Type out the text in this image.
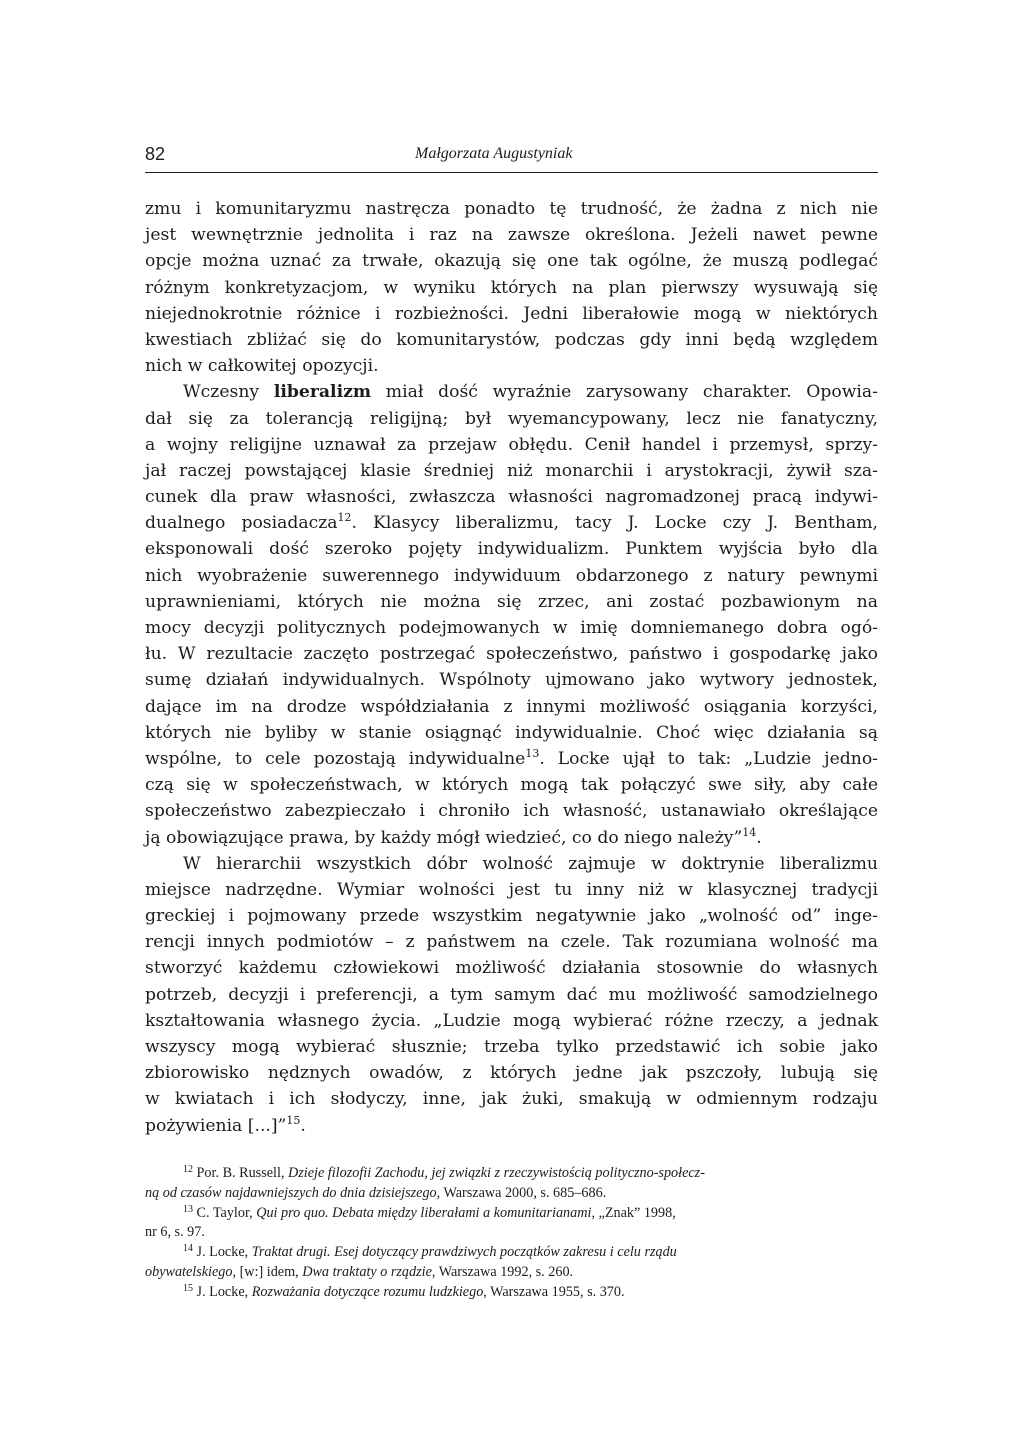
82	Małgorzata Augustyniak
zmu i komunitaryzmu nastręcza ponadto tę trudność, że żadna z nich nie
jest wewnętrznie jednolita i raz na zawsze określona. Jeżeli nawet pewne
opcje można uznać za trwałe, okazują się one tak ogólne, że muszą podlegać
różnym konkretyzacjom, w wyniku których na plan pierwszy wysuwają się
niejednokrotnie różnice i rozbieżności. Jedni liberałowie mogą w niektórych
kwestiach zbliżać się do komunitarystów, podczas gdy inni będą względem
nich w całkowitej opozycji.
Wczesny liberalizm miał dość wyraźnie zarysowany charakter. Opowia-
dał się za tolerancją religijną; był wyemancypowany, lecz nie fanatyczny,
a wojny religijne uznawał za przejaw obłędu. Cenił handel i przemysł, sprzy-
jał raczej powstającej klasie średniej niż monarchii i arystokracji, żywił sza-
cunek dla praw własności, zwłaszcza własności nagromadzonej pracą indywi-
dualnego posiadacza$^{12}$. Klasycy liberalizmu, tacy J. Locke czy J. Bentham,
eksponowali dość szeroko pojęty indywidualizm. Punktem wyjścia było dla
nich wyobrażenie suwerennego indywiduum obdarzonego z natury pewnymi
uprawnieniami, których nie można się zrzec, ani zostać pozbawionym na
mocy decyzji politycznych podejmowanych w imię domniemanego dobra ogó-
łu. W rezultacie zaczęto postrzegać społeczeństwo, państwo i gospodarkę jako
sumę działań indywidualnych. Wspólnoty ujmowano jako wytwory jednostek,
dające im na drodze współdziałania z innymi możliwość osiągania korzyści,
których nie byliby w stanie osiągnąć indywidualnie. Choć więc działania są
wspólne, to cele pozostają indywidualne$^{13}$. Locke ujął to tak: „Ludzie jedno-
czą się w społeczeństwach, w których mogą tak połączyć swe siły, aby całe
społeczeństwo zabezpieczało i chroniło ich własność, ustanawiało określające
ją obowiązujące prawa, by każdy mógł wiedzieć, co do niego należy”$^{14}$.
W hierarchii wszystkich dóbr wolność zajmuje w doktrynie liberalizmu
miejsce nadrzędne. Wymiar wolności jest tu inny niż w klasycznej tradycji
greckiej i pojmowany przede wszystkim negatywnie jako „wolność od” inge-
rencji innych podmiotów – z państwem na czele. Tak rozumiana wolność ma
stworzyć każdemu człowiekowi możliwość działania stosownie do własnych
potrzeb, decyzji i preferencji, a tym samym dać mu możliwość samodzielnego
kształtowania własnego życia. „Ludzie mogą wybierać różne rzeczy, a jednak
wszyscy mogą wybierać słusznie; trzeba tylko przedstawić ich sobie jako
zbiorowisko nędznych owadów, z których jedne jak pszczoły, lubują się
w kwiatach i ich słodyczy, inne, jak żuki, smakują w odmiennym rodzaju
pożywienia [...]”$^{15}$.
$^{12}$ Por. B. Russell, Dzieje filozofii Zachodu, jej związki z rzeczywistością polityczno-społecz-
ną od czasów najdawniejszych do dnia dzisiejszego, Warszawa 2000, s. 685–686.
$^{13}$ C. Taylor, Qui pro quo. Debata między liberałami a komunitarianami, „Znak” 1998,
nr 6, s. 97.
$^{14}$ J. Locke, Traktat drugi. Esej dotyczący prawdziwych początków zakresu i celu rządu
obywatelskiego, [w:] idem, Dwa traktaty o rządzie, Warszawa 1992, s. 260.
$^{15}$ J. Locke, Rozważania dotyczące rozumu ludzkiego, Warszawa 1955, s. 370.
